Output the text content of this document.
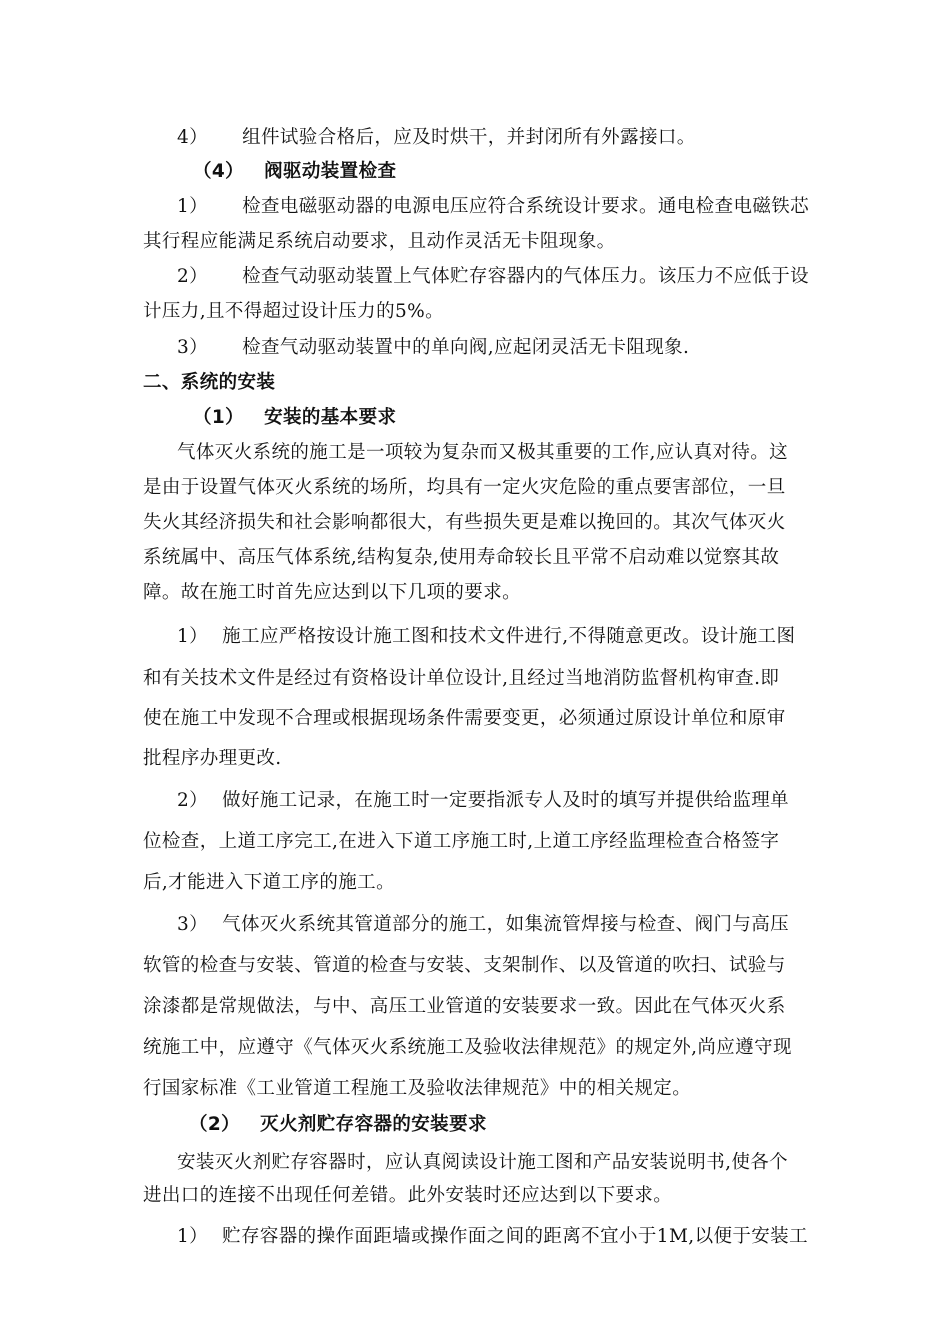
4） 组件试验合格后，应及时烘干，并封闭所有外露接口。
（4） 阀驱动装置检查
1） 检查电磁驱动器的电源电压应符合系统设计要求。通电检查电磁铁芯
其行程应能满足系统启动要求，且动作灵活无卡阻现象。
2） 检查气动驱动装置上气体贮存容器内的气体压力。该压力不应低于设
计压力,且不得超过设计压力的5%。
3） 检查气动驱动装置中的单向阀,应起闭灵活无卡阻现象.
二、系统的安装
（1） 安装的基本要求
气体灭火系统的施工是一项较为复杂而又极其重要的工作,应认真对待。这
是由于设置气体灭火系统的场所，均具有一定火灾危险的重点要害部位，一旦
失火其经济损失和社会影响都很大，有些损失更是难以挽回的。其次气体灭火
系统属中、高压气体系统,结构复杂,使用寿命较长且平常不启动难以觉察其故
障。故在施工时首先应达到以下几项的要求。
1） 施工应严格按设计施工图和技术文件进行,不得随意更改。设计施工图
和有关技术文件是经过有资格设计单位设计,且经过当地消防监督机构审查.即
使在施工中发现不合理或根据现场条件需要变更，必须通过原设计单位和原审
批程序办理更改.
2） 做好施工记录，在施工时一定要指派专人及时的填写并提供给监理单
位检查，上道工序完工,在进入下道工序施工时,上道工序经监理检查合格签字
后,才能进入下道工序的施工。
3） 气体灭火系统其管道部分的施工，如集流管焊接与检查、阀门与高压
软管的检查与安装、管道的检查与安装、支架制作、以及管道的吹扫、试验与
涂漆都是常规做法，与中、高压工业管道的安装要求一致。因此在气体灭火系
统施工中，应遵守《气体灭火系统施工及验收法律规范》的规定外,尚应遵守现
行国家标准《工业管道工程施工及验收法律规范》中的相关规定。
（2） 灭火剂贮存容器的安装要求
安装灭火剂贮存容器时，应认真阅读设计施工图和产品安装说明书,使各个
进出口的连接不出现任何差错。此外安装时还应达到以下要求。
1） 贮存容器的操作面距墙或操作面之间的距离不宜小于1M,以便于安装工
